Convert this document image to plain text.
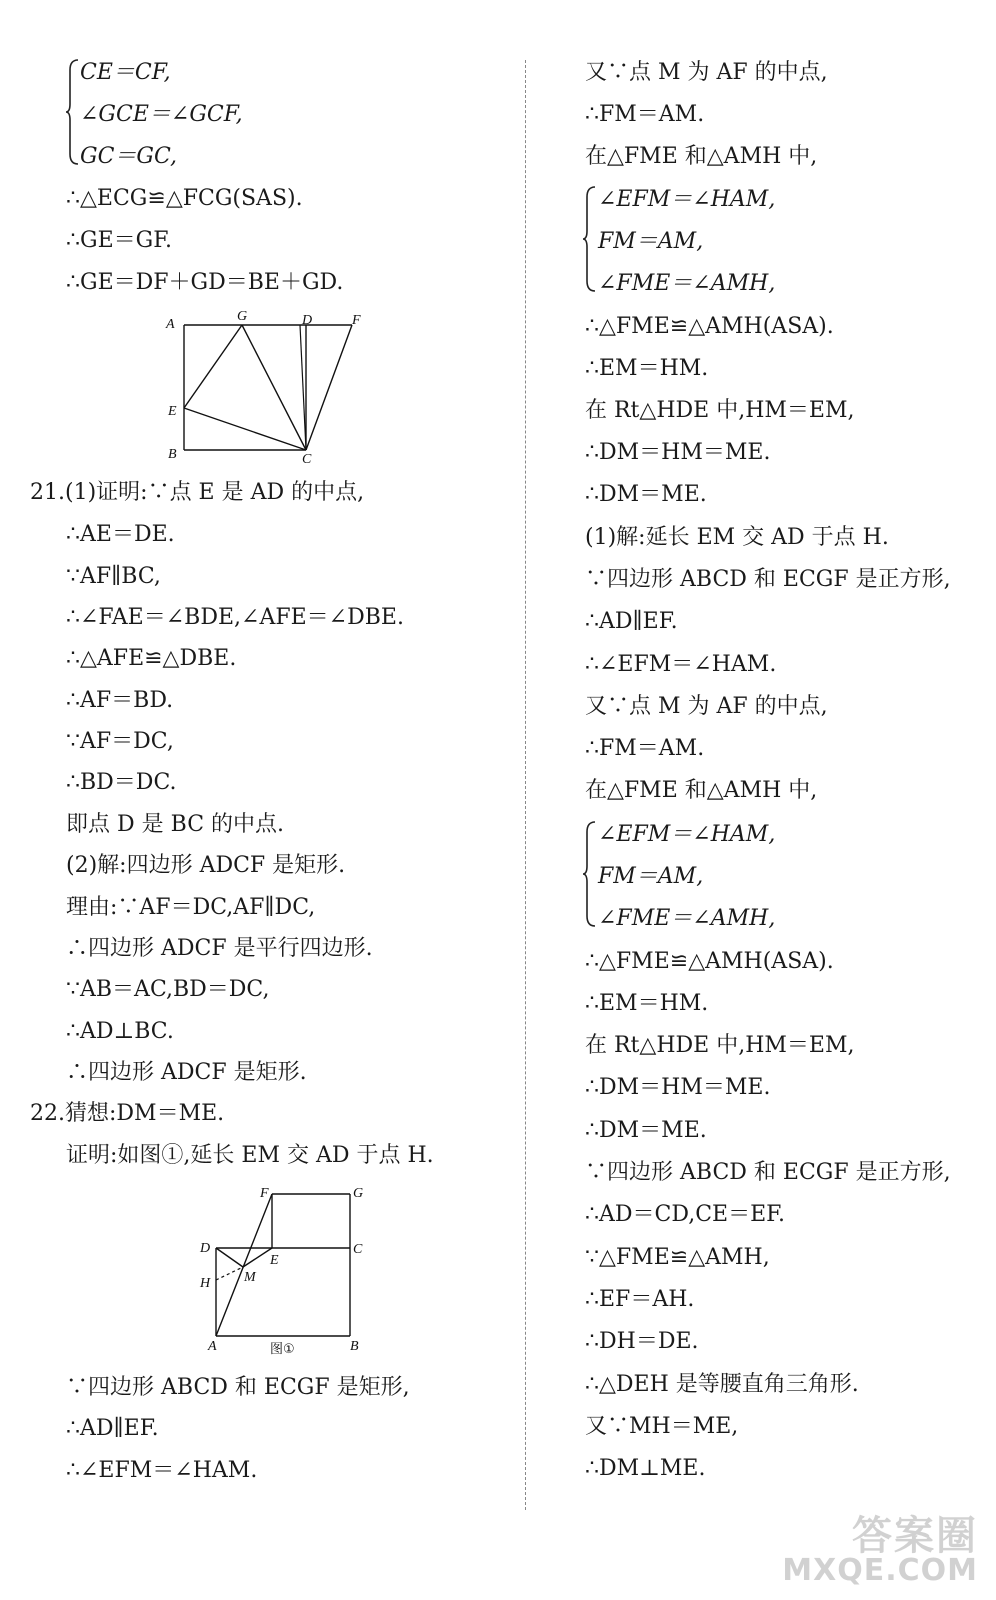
CE＝CF,
∠GCE＝∠GCF,
GC＝GC,
∴△ECG≌△FCG(SAS).
∴GE＝GF.
∴GE＝DF＋GD＝BE＋GD.
A
G	D	F
E
B	C
21.(1)证明:∵点 E 是 AD 的中点,
∴AE＝DE.
∵AF∥BC,
∴∠FAE＝∠BDE,∠AFE＝∠DBE.
∴△AFE≌△DBE.
∴AF＝BD.
∵AF＝DC,
∴BD＝DC.
即点 D 是 BC 的中点.
(2)解:四边形 ADCF 是矩形.
理由:∵AF＝DC,AF∥DC,
∴四边形 ADCF 是平行四边形.
∵AB＝AC,BD＝DC,
∴AD⊥BC.
∴四边形 ADCF 是矩形.
22.猜想:DM＝ME.
证明:如图①,延长 EM 交 AD 于点 H.
F	G
D
E
C
H M
A	B
图①
∵四边形 ABCD 和 ECGF 是矩形,
∴AD∥EF.
∴∠EFM＝∠HAM.
又∵点 M 为 AF 的中点,
∴FM＝AM.
在△FME 和△AMH 中,
∠EFM＝∠HAM,
FM＝AM,
∠FME＝∠AMH,
∴△FME≌△AMH(ASA).
∴EM＝HM.
在 Rt△HDE 中,HM＝EM,
∴DM＝HM＝ME.
∴DM＝ME.
(1)解:延长 EM 交 AD 于点 H.
∵四边形 ABCD 和 ECGF 是正方形,
∴AD∥EF.
∴∠EFM＝∠HAM.
又∵点 M 为 AF 的中点,
∴FM＝AM.
在△FME 和△AMH 中,
∠EFM＝∠HAM,
FM＝AM,
∠FME＝∠AMH,
∴△FME≌△AMH(ASA).
∴EM＝HM.
在 Rt△HDE 中,HM＝EM,
∴DM＝HM＝ME.
∴DM＝ME.
∵四边形 ABCD 和 ECGF 是正方形,
∴AD＝CD,CE＝EF.
∵△FME≌△AMH,
∴EF＝AH.
∴DH＝DE.
∴△DEH 是等腰直角三角形.
又∵MH＝ME,
∴DM⊥ME.
答案圈
MXQE.COM
